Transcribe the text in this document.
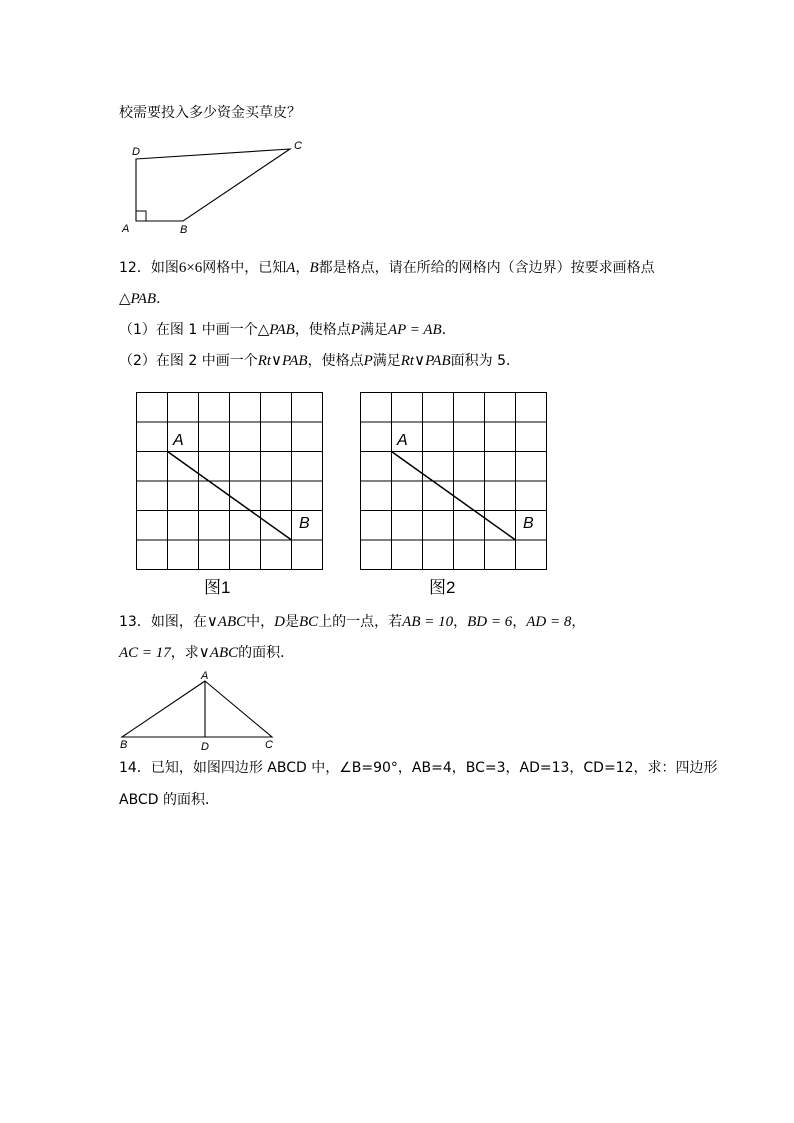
校需要投入多少资金买草皮？
D	C
A	B
12．如图6×6网格中，已知A，B都是格点，请在所给的网格内（含边界）按要求画格点
△PAB．
（1）在图 1 中画一个△PAB，使格点P满足AP = AB．
（2）在图 2 中画一个Rt∨PAB，使格点P满足Rt∨PAB面积为 5．
A
B
图1
A
B
图2
13．如图，在∨ABC中，D是BC上的一点，若AB = 10，BD = 6，AD = 8，
AC = 17，求∨ABC的面积．
A
B	D	C
14．已知，如图四边形 ABCD 中，∠B=90°，AB=4，BC=3，AD=13，CD=12，求：四边形
ABCD 的面积．
